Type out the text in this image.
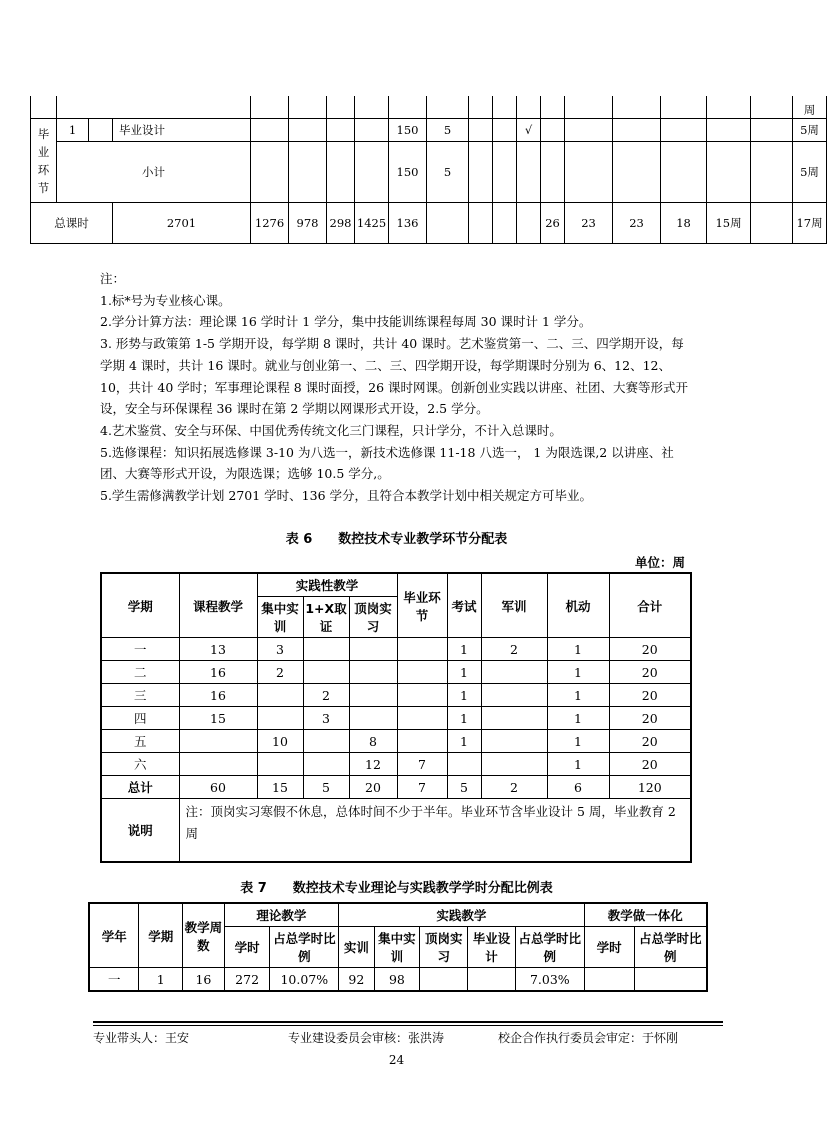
																			周

毕
业
环
节	1		毕业设计					150	5			√							5周
	小计							150	5										5周
总课时			2701	1276	978	298	1425	136					26	23	23	18	15周		17周

注：

1.标*号为专业核心课。

2.学分计算方法：理论课 16 学时计 1 学分，集中技能训练课程每周 30 课时计 1 学分。

3. 形势与政策第 1-5 学期开设，每学期 8 课时，共计 40 课时。艺术鉴赏第一、二、三、四学期开设，每学期 4 课时，共计 16 课时。就业与创业第一、二、三、四学期开设，每学期课时分别为 6、12、12、10，共计 40 学时；军事理论课程 8 课时面授，26 课时网课。创新创业实践以讲座、社团、大赛等形式开设，安全与环保课程 36 课时在第 2 学期以网课形式开设，2.5 学分。

4.艺术鉴赏、安全与环保、中国优秀传统文化三门课程，只计学分，不计入总课时。

5.选修课程：知识拓展选修课 3-10 为八选一，新技术选修课 11-18 八选一， 1 为限选课,2 以讲座、社团、大赛等形式开设，为限选课；选够 10.5 学分,。

5.学生需修满教学计划 2701 学时、136 学分，且符合本教学计划中相关规定方可毕业。

表 6　　数控技术专业教学环节分配表
单位：周
学期	课程教学	实践性教学			毕业环节	考试	军训	机动	合计
		集中实训	1+X取证	顶岗实习					
一	13	3				1	2	1	20
二	16	2				1		1	20
三	16		2			1		1	20
四	15		3			1		1	20
五		10		8		1		1	20
六				12	7			1	20
总计	60	15	5	20	7	5	2	6	120
说明	注：顶岗实习寒假不休息，总体时间不少于半年。毕业环节含毕业设计 5 周，毕业教育 2 周								
表 7　　数控技术专业理论与实践教学学时分配比例表
学年	学期	教学周数	理论教学		实践教学					教学做一体化	
			学时	占总学时比例	实训	集中实训	顶岗实习	毕业设计	占总学时比例	学时	占总学时比例
一	1	16	272	10.07%	92	98			7.03%		
专业带头人：王安	专业建设委员会审核：张洪涛	校企合作执行委员会审定：于怀刚
24
